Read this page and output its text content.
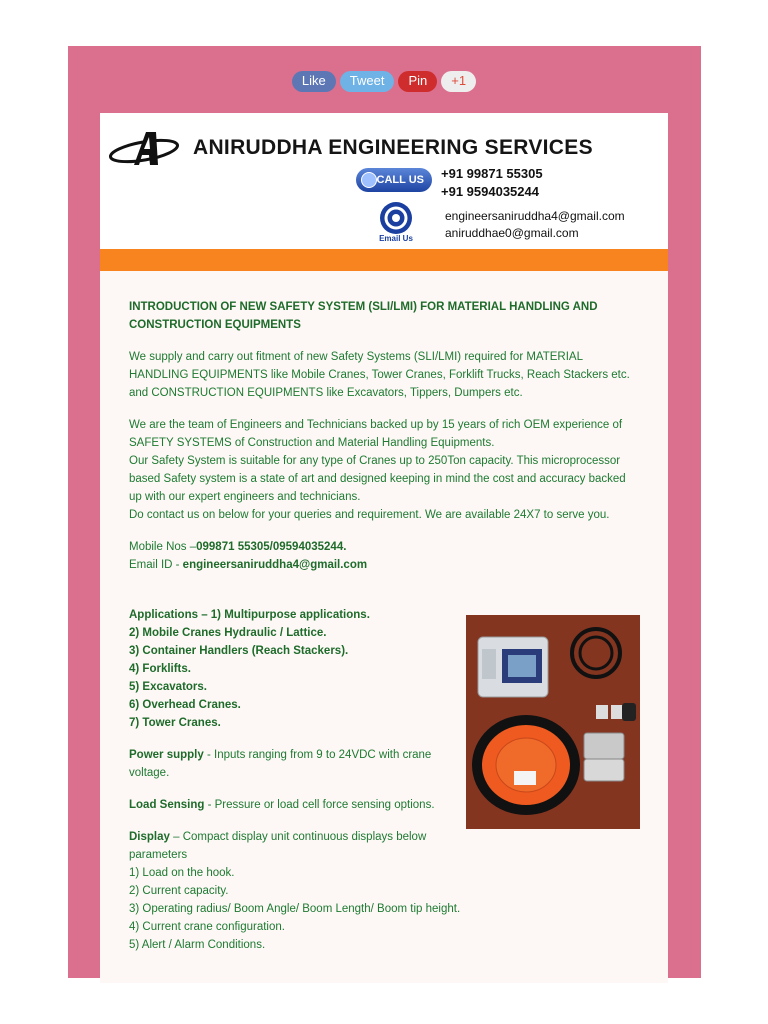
Like	Tweet	Pin	+1
ANIRUDDHA ENGINEERING SERVICES
CALL US	+91 99871 55305
+91 9594035244
Email Us
engineersaniruddha4@gmail.com
aniruddhae0@gmail.com

INTRODUCTION OF NEW SAFETY SYSTEM (SLI/LMI) FOR MATERIAL HANDLING AND

CONSTRUCTION EQUIPMENTS

We supply and carry out fitment of new Safety Systems (SLI/LMI) required for MATERIAL

HANDLING EQUIPMENTS like Mobile Cranes, Tower Cranes, Forklift Trucks, Reach Stackers etc.

and CONSTRUCTION EQUIPMENTS like Excavators, Tippers, Dumpers etc.

We are the team of Engineers and Technicians backed up by 15 years of rich OEM experience of

SAFETY SYSTEMS of Construction and Material Handling Equipments.

Our Safety System is suitable for any type of Cranes up to 250Ton capacity. This microprocessor

based Safety system is a state of art and designed keeping in mind the cost and accuracy backed

up with our expert engineers and technicians.

Do contact us on below for your queries and requirement. We are available 24X7 to serve you.

Mobile Nos –099871 55305/09594035244.

Email ID - engineersaniruddha4@gmail.com

Applications – 1) Multipurpose applications.

2) Mobile Cranes Hydraulic / Lattice.

3) Container Handlers (Reach Stackers).

4) Forklifts.

5) Excavators.

6) Overhead Cranes.

7) Tower Cranes.

Power supply - Inputs ranging from 9 to 24VDC with crane

voltage.

Load Sensing - Pressure or load cell force sensing options.

Display – Compact display unit continuous displays below

parameters

1) Load on the hook.

2) Current capacity.

3) Operating radius/ Boom Angle/ Boom Length/ Boom tip height.

4) Current crane configuration.

5) Alert / Alarm Conditions.
